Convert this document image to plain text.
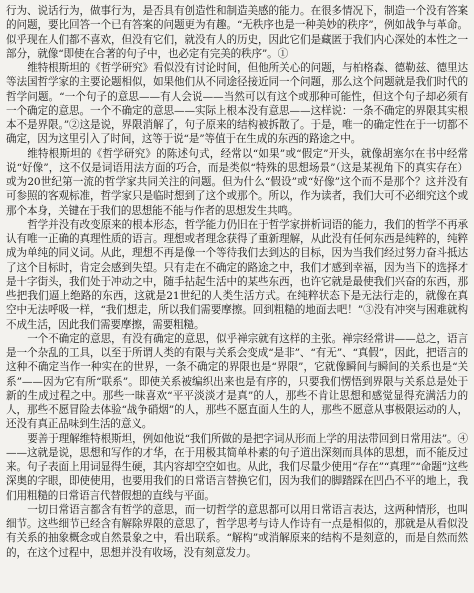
行为、说话行为，做事行为，是否具有创造性和制造美感的能力。在很多情况下，制造一个没有答案的问题，要比回答一个已有答案的问题更为有趣。“无秩序也是一种美妙的秩序”，例如战争与革命。似乎现在人们都不喜欢，但没有它们，就没有人的历史，因此它们是藏匿于我们内心深处的本性之一部分，就像“即使在合著的句子中，也必定有完美的秩序”。①

维特根斯坦的《哲学研究》看似没有讨论时间，但他所关心的问题，与柏格森、德勒兹、德里达等法国哲学家的主要论题相似，如果他们从不同途径接近同一个问题，那么这个问题就是我们时代的哲学问题。“一个句子的意思——有人会说——当然可以有这个或那种可能性，但这个句子却必须有一个确定的意思。一个不确定的意思——实际上根本没有意思——这样说：一条不确定的界限其实根本不是界限。”②这是说，界限消解了，句子原来的结构被拆散了。于是，唯一的确定性在于一切都不确定，因为这里引入了时间，这等于说“是”等值于在生成的东西的路途之中。

维特根斯坦的《哲学研究》的陈述句式，经常以“如果”或“假定”开头，就像胡塞尔在书中经常说“好像”，这不仅是词语用法方面的巧合，而是类似“特殊的思想场景”（这是某视角下的真实存在）或为20世纪第一流的哲学家共同关注的问题。但为什么“假设”或“好像”这个而不是那个？这并没有可参照的客观标准，哲学家只是临时想到了这个或那个。所以，作为读者，我们大可不必细究这个或那个本身，关键在于我们的思想能不能与作者的思想发生共鸣。

哲学并没有改变原来的根本形态，哲学能力仍旧在于哲学家拼析词语的能力，我们的哲学不再承认有唯一正确的真理性质的语言。理想或者理念获得了重新理解，从此没有任何东西是纯粹的，纯粹成为单纯的同义词。从此，理想不再是像一个等待我们去到达的目标，因为当我们经过努力奋斗抵达了这个目标时，肯定会感到失望。只有走在不确定的路途之中，我们才感到幸福，因为当下的选择才是十字街头，我们处于冲动之中，随手拈起生活中的某些东西，也许它就是最使我们兴奋的东西，那些把我们逼上绝路的东西，这就是21世纪的人类生活方式。在纯粹状态下是无法行走的，就像在真空中无法呼吸一样，“我们想走，所以我们需要摩擦。回到粗糙的地面去吧！”③没有冲突与困难就构不成生活，因此我们需要摩擦，需要粗糙。

一个不确定的意思，有没有确定的意思，似乎禅宗就有这样的主张。禅宗经常讲——总之，语言是一个杂乱的工具，以至于所谓人类的有限与关系会变成“是非”、“有无”、“真假”，因此，把语言的这种不确定当作一种实在的世界，一条不确定的界限也是“界限”，它就像瞬间与瞬间的关系也是“关系”——因为它有所“联系”。即使关系被编织出来也是有序的，只要我们愣悟到界限与关系总是处于新的生成过程之中。那些一昧喜欢“平平淡淡才是真”的人，那些不肯让思想和感觉显得充满活力的人，那些不愿冒险去体验“战争硝烟”的人，那些不愿直面人生的人，那些不愿意从事极限运动的人，还没有真正品味到生活的意义。

要善于理解维特根斯坦，例如他说“我们所做的是把字词从形而上学的用法带回到日常用法”。④——这就是说，思想和写作的才华，在于用极其简单朴素的句子道出深刻而具体的思想，而不能反过来。句子表面上用词显得生硬，其内容却空空如也。从此，我们尽量少使用“存在”“真理”“命题”这些深奥的字眼，即使使用，也要用我们的日常语言替换它们，因为我们的脚踏踩在凹凸不平的地上，我们用粗糙的日常语言代替假想的直线与平面。

一切日常语言都含有哲学的意思，而一切哲学的意思都可以用日常语言表达，这两种情形，也叫细节。这些细节已经含有解除界限的意思了，哲学思考与诗人作诗有一点是相似的，那就是从看似没有关系的抽象概念或自然景象之中，看出联系。“解构”或消解原来的结构不是刻意的，而是自然而然的，在这个过程中，思想并没有收场，没有刻意发力。
